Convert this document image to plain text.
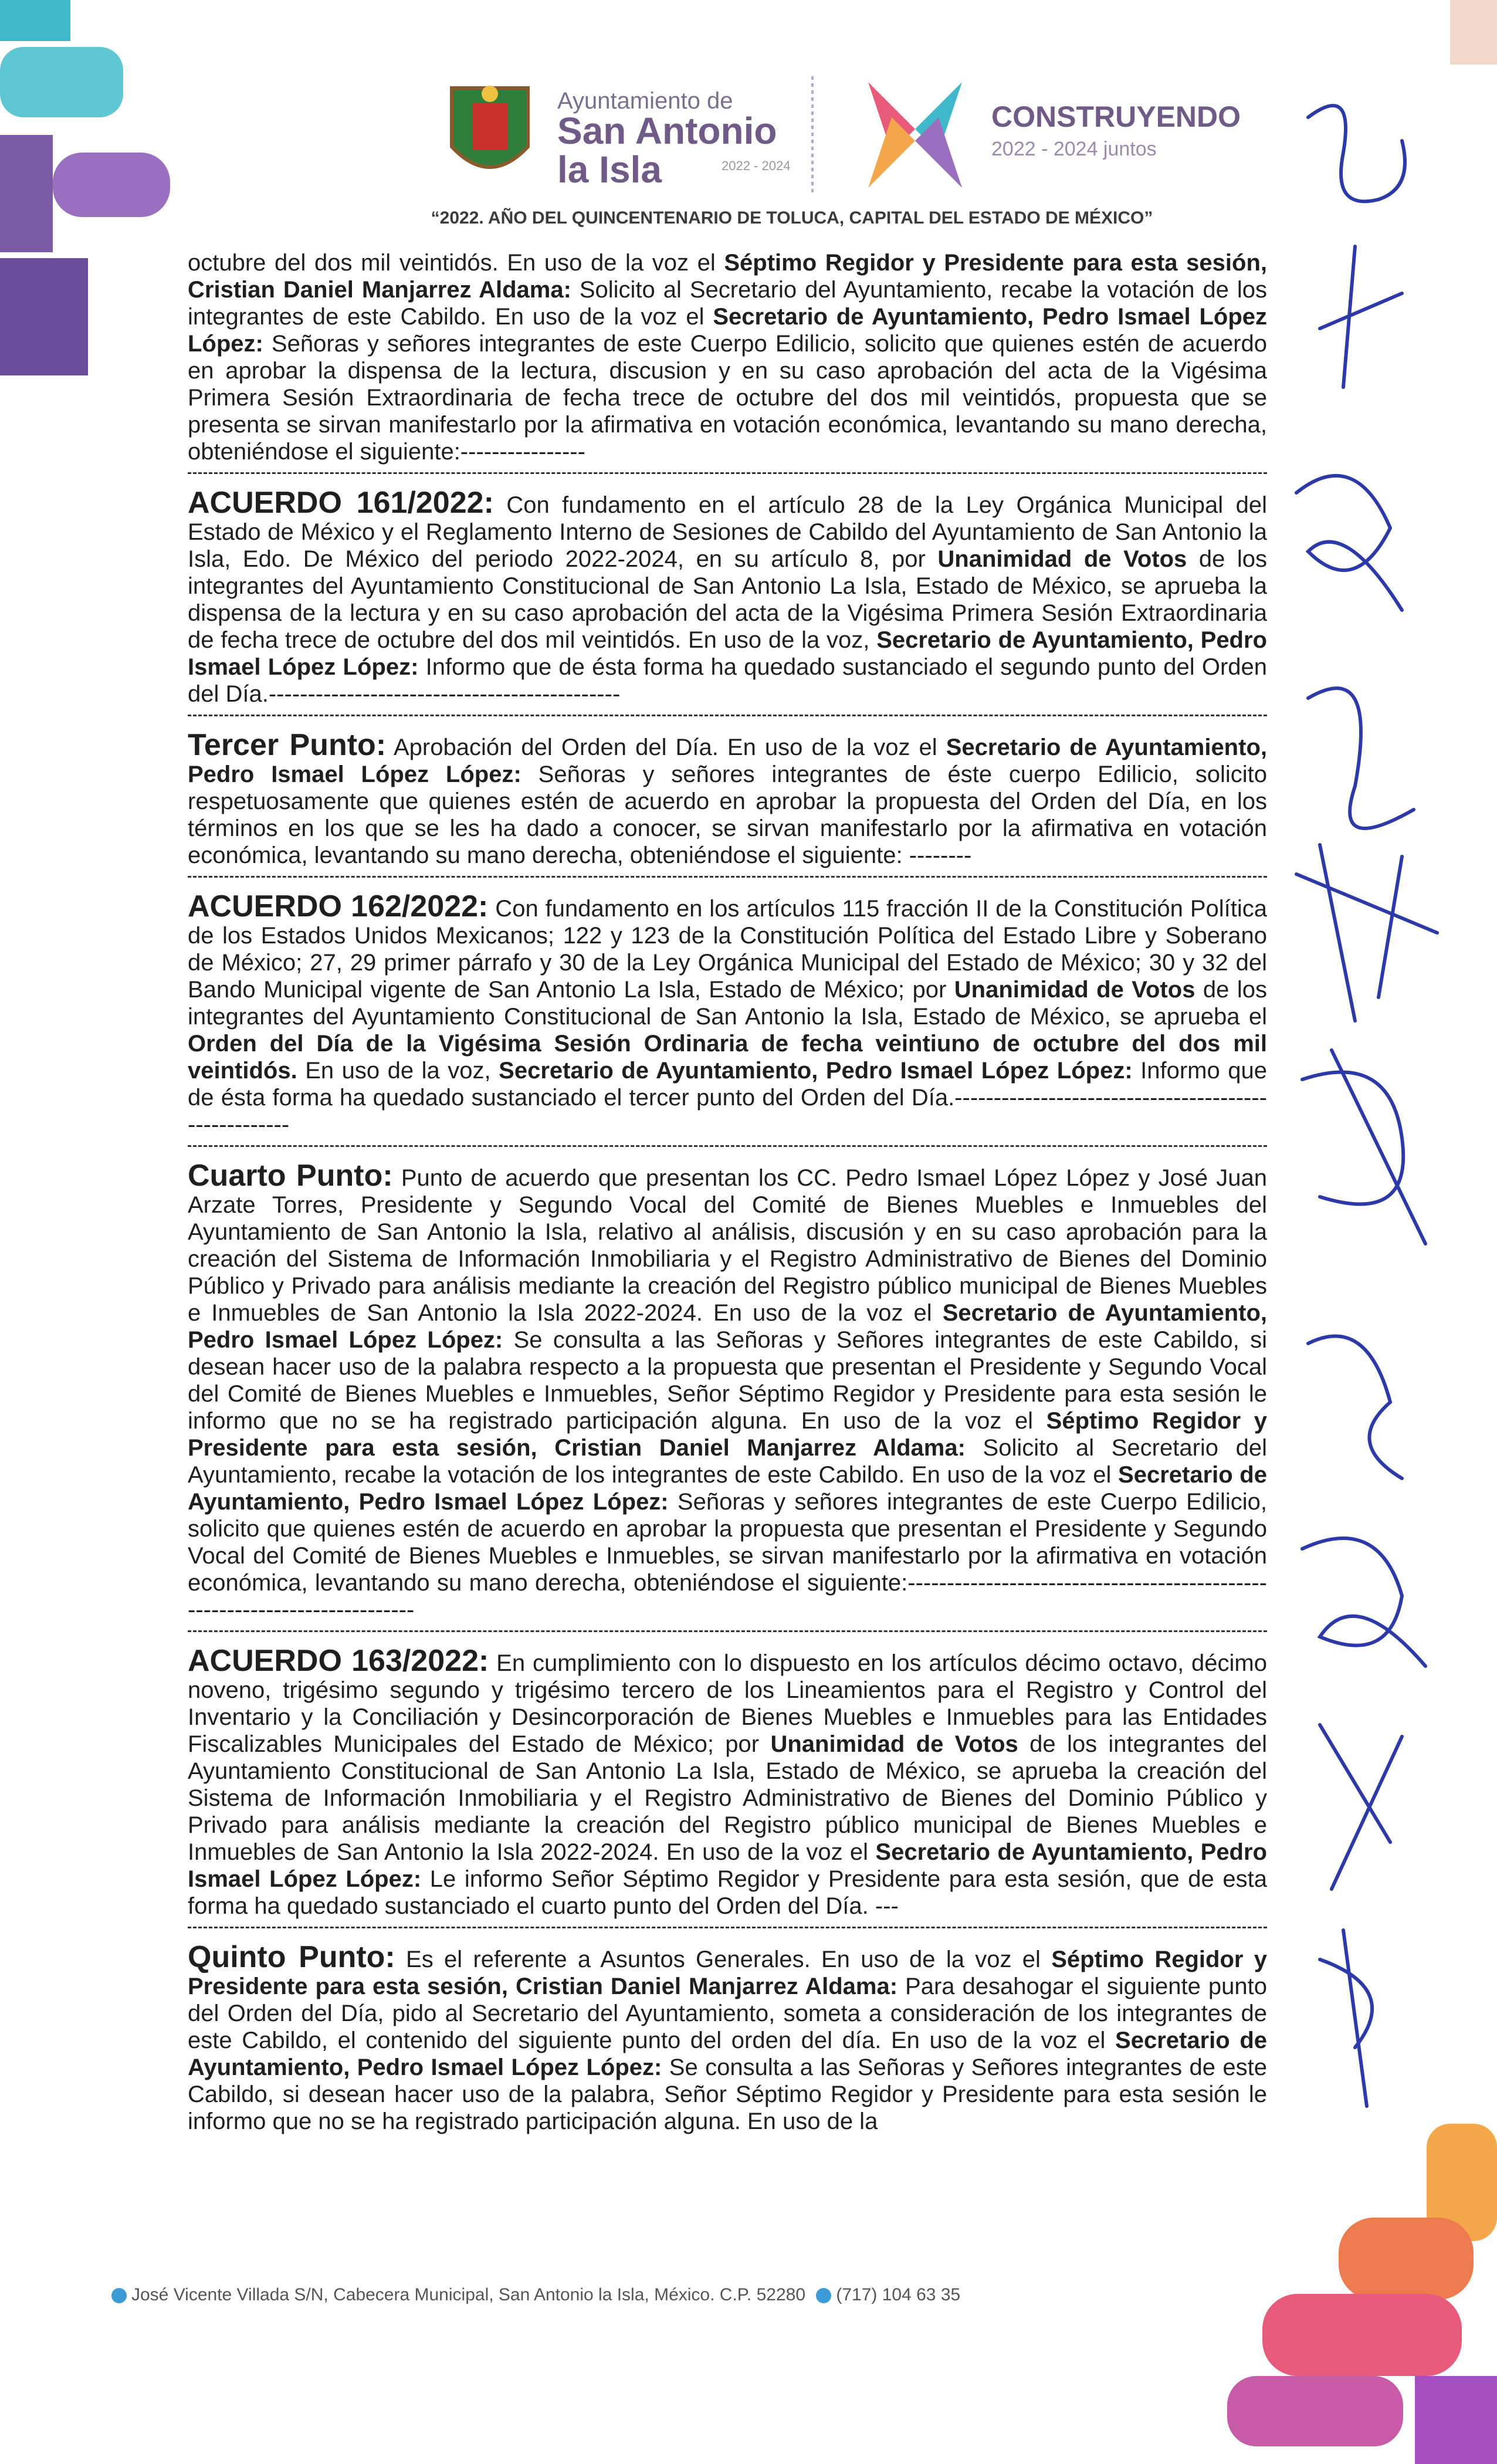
Ayuntamiento de
San Antonio
la Isla	2022 - 2024
CONSTRUYENDO
2022 - 2024 juntos
“2022. AÑO DEL QUINCENTENARIO DE TOLUCA, CAPITAL DEL ESTADO DE MÉXICO”

octubre del dos mil veintidós. En uso de la voz el Séptimo Regidor y Presidente para esta sesión, Cristian Daniel Manjarrez Aldama: Solicito al Secretario del Ayuntamiento, recabe la votación de los integrantes de este Cabildo. En uso de la voz el Secretario de Ayuntamiento, Pedro Ismael López López: Señoras y señores integrantes de este Cuerpo Edilicio, solicito que quienes estén de acuerdo en aprobar la dispensa de la lectura, discusion y en su caso aprobación del acta de la Vigésima Primera Sesión Extraordinaria de fecha trece de octubre del dos mil veintidós, propuesta que se presenta se sirvan manifestarlo por la afirmativa en votación económica, levantando su mano derecha, obteniéndose el siguiente:----------------

ACUERDO 161/2022: Con fundamento en el artículo 28 de la Ley Orgánica Municipal del Estado de México y el Reglamento Interno de Sesiones de Cabildo del Ayuntamiento de San Antonio la Isla, Edo. De México del periodo 2022-2024, en su artículo 8, por Unanimidad de Votos de los integrantes del Ayuntamiento Constitucional de San Antonio La Isla, Estado de México, se aprueba la dispensa de la lectura y en su caso aprobación del acta de la Vigésima Primera Sesión Extraordinaria de fecha trece de octubre del dos mil veintidós. En uso de la voz, Secretario de Ayuntamiento, Pedro Ismael López López: Informo que de ésta forma ha quedado sustanciado el segundo punto del Orden del Día.---------------------------------------------

Tercer Punto: Aprobación del Orden del Día. En uso de la voz el Secretario de Ayuntamiento, Pedro Ismael López López: Señoras y señores integrantes de éste cuerpo Edilicio, solicito respetuosamente que quienes estén de acuerdo en aprobar la propuesta del Orden del Día, en los términos en los que se les ha dado a conocer, se sirvan manifestarlo por la afirmativa en votación económica, levantando su mano derecha, obteniéndose el siguiente: --------

ACUERDO 162/2022: Con fundamento en los artículos 115 fracción II de la Constitución Política de los Estados Unidos Mexicanos; 122 y 123 de la Constitución Política del Estado Libre y Soberano de México; 27, 29 primer párrafo y 30 de la Ley Orgánica Municipal del Estado de México; 30 y 32 del Bando Municipal vigente de San Antonio La Isla, Estado de México; por Unanimidad de Votos de los integrantes del Ayuntamiento Constitucional de San Antonio la Isla, Estado de México, se aprueba el Orden del Día de la Vigésima Sesión Ordinaria de fecha veintiuno de octubre del dos mil veintidós. En uso de la voz, Secretario de Ayuntamiento, Pedro Ismael López López: Informo que de ésta forma ha quedado sustanciado el tercer punto del Orden del Día.-----------------------------------------------------

Cuarto Punto: Punto de acuerdo que presentan los CC. Pedro Ismael López López y José Juan Arzate Torres, Presidente y Segundo Vocal del Comité de Bienes Muebles e Inmuebles del Ayuntamiento de San Antonio la Isla, relativo al análisis, discusión y en su caso aprobación para la creación del Sistema de Información Inmobiliaria y el Registro Administrativo de Bienes del Dominio Público y Privado para análisis mediante la creación del Registro público municipal de Bienes Muebles e Inmuebles de San Antonio la Isla 2022-2024. En uso de la voz el Secretario de Ayuntamiento, Pedro Ismael López López: Se consulta a las Señoras y Señores integrantes de este Cabildo, si desean hacer uso de la palabra respecto a la propuesta que presentan el Presidente y Segundo Vocal del Comité de Bienes Muebles e Inmuebles, Señor Séptimo Regidor y Presidente para esta sesión le informo que no se ha registrado participación alguna. En uso de la voz el Séptimo Regidor y Presidente para esta sesión, Cristian Daniel Manjarrez Aldama: Solicito al Secretario del Ayuntamiento, recabe la votación de los integrantes de este Cabildo. En uso de la voz el Secretario de Ayuntamiento, Pedro Ismael López López: Señoras y señores integrantes de este Cuerpo Edilicio, solicito que quienes estén de acuerdo en aprobar la propuesta que presentan el Presidente y Segundo Vocal del Comité de Bienes Muebles e Inmuebles, se sirvan manifestarlo por la afirmativa en votación económica, levantando su mano derecha, obteniéndose el siguiente:---------------------------------------------------------------------------

ACUERDO 163/2022: En cumplimiento con lo dispuesto en los artículos décimo octavo, décimo noveno, trigésimo segundo y trigésimo tercero de los Lineamientos para el Registro y Control del Inventario y la Conciliación y Desincorporación de Bienes Muebles e Inmuebles para las Entidades Fiscalizables Municipales del Estado de México; por Unanimidad de Votos de los integrantes del Ayuntamiento Constitucional de San Antonio La Isla, Estado de México, se aprueba la creación del Sistema de Información Inmobiliaria y el Registro Administrativo de Bienes del Dominio Público y Privado para análisis mediante la creación del Registro público municipal de Bienes Muebles e Inmuebles de San Antonio la Isla 2022-2024. En uso de la voz el Secretario de Ayuntamiento, Pedro Ismael López López: Le informo Señor Séptimo Regidor y Presidente para esta sesión, que de esta forma ha quedado sustanciado el cuarto punto del Orden del Día. ---

Quinto Punto: Es el referente a Asuntos Generales. En uso de la voz el Séptimo Regidor y Presidente para esta sesión, Cristian Daniel Manjarrez Aldama: Para desahogar el siguiente punto del Orden del Día, pido al Secretario del Ayuntamiento, someta a consideración de los integrantes de este Cabildo, el contenido del siguiente punto del orden del día. En uso de la voz el Secretario de Ayuntamiento, Pedro Ismael López López: Se consulta a las Señoras y Señores integrantes de este Cabildo, si desean hacer uso de la palabra, Señor Séptimo Regidor y Presidente para esta sesión le informo que no se ha registrado participación alguna. En uso de la

José Vicente Villada S/N, Cabecera Municipal, San Antonio la Isla, México. C.P. 52280 (717) 104 63 35
